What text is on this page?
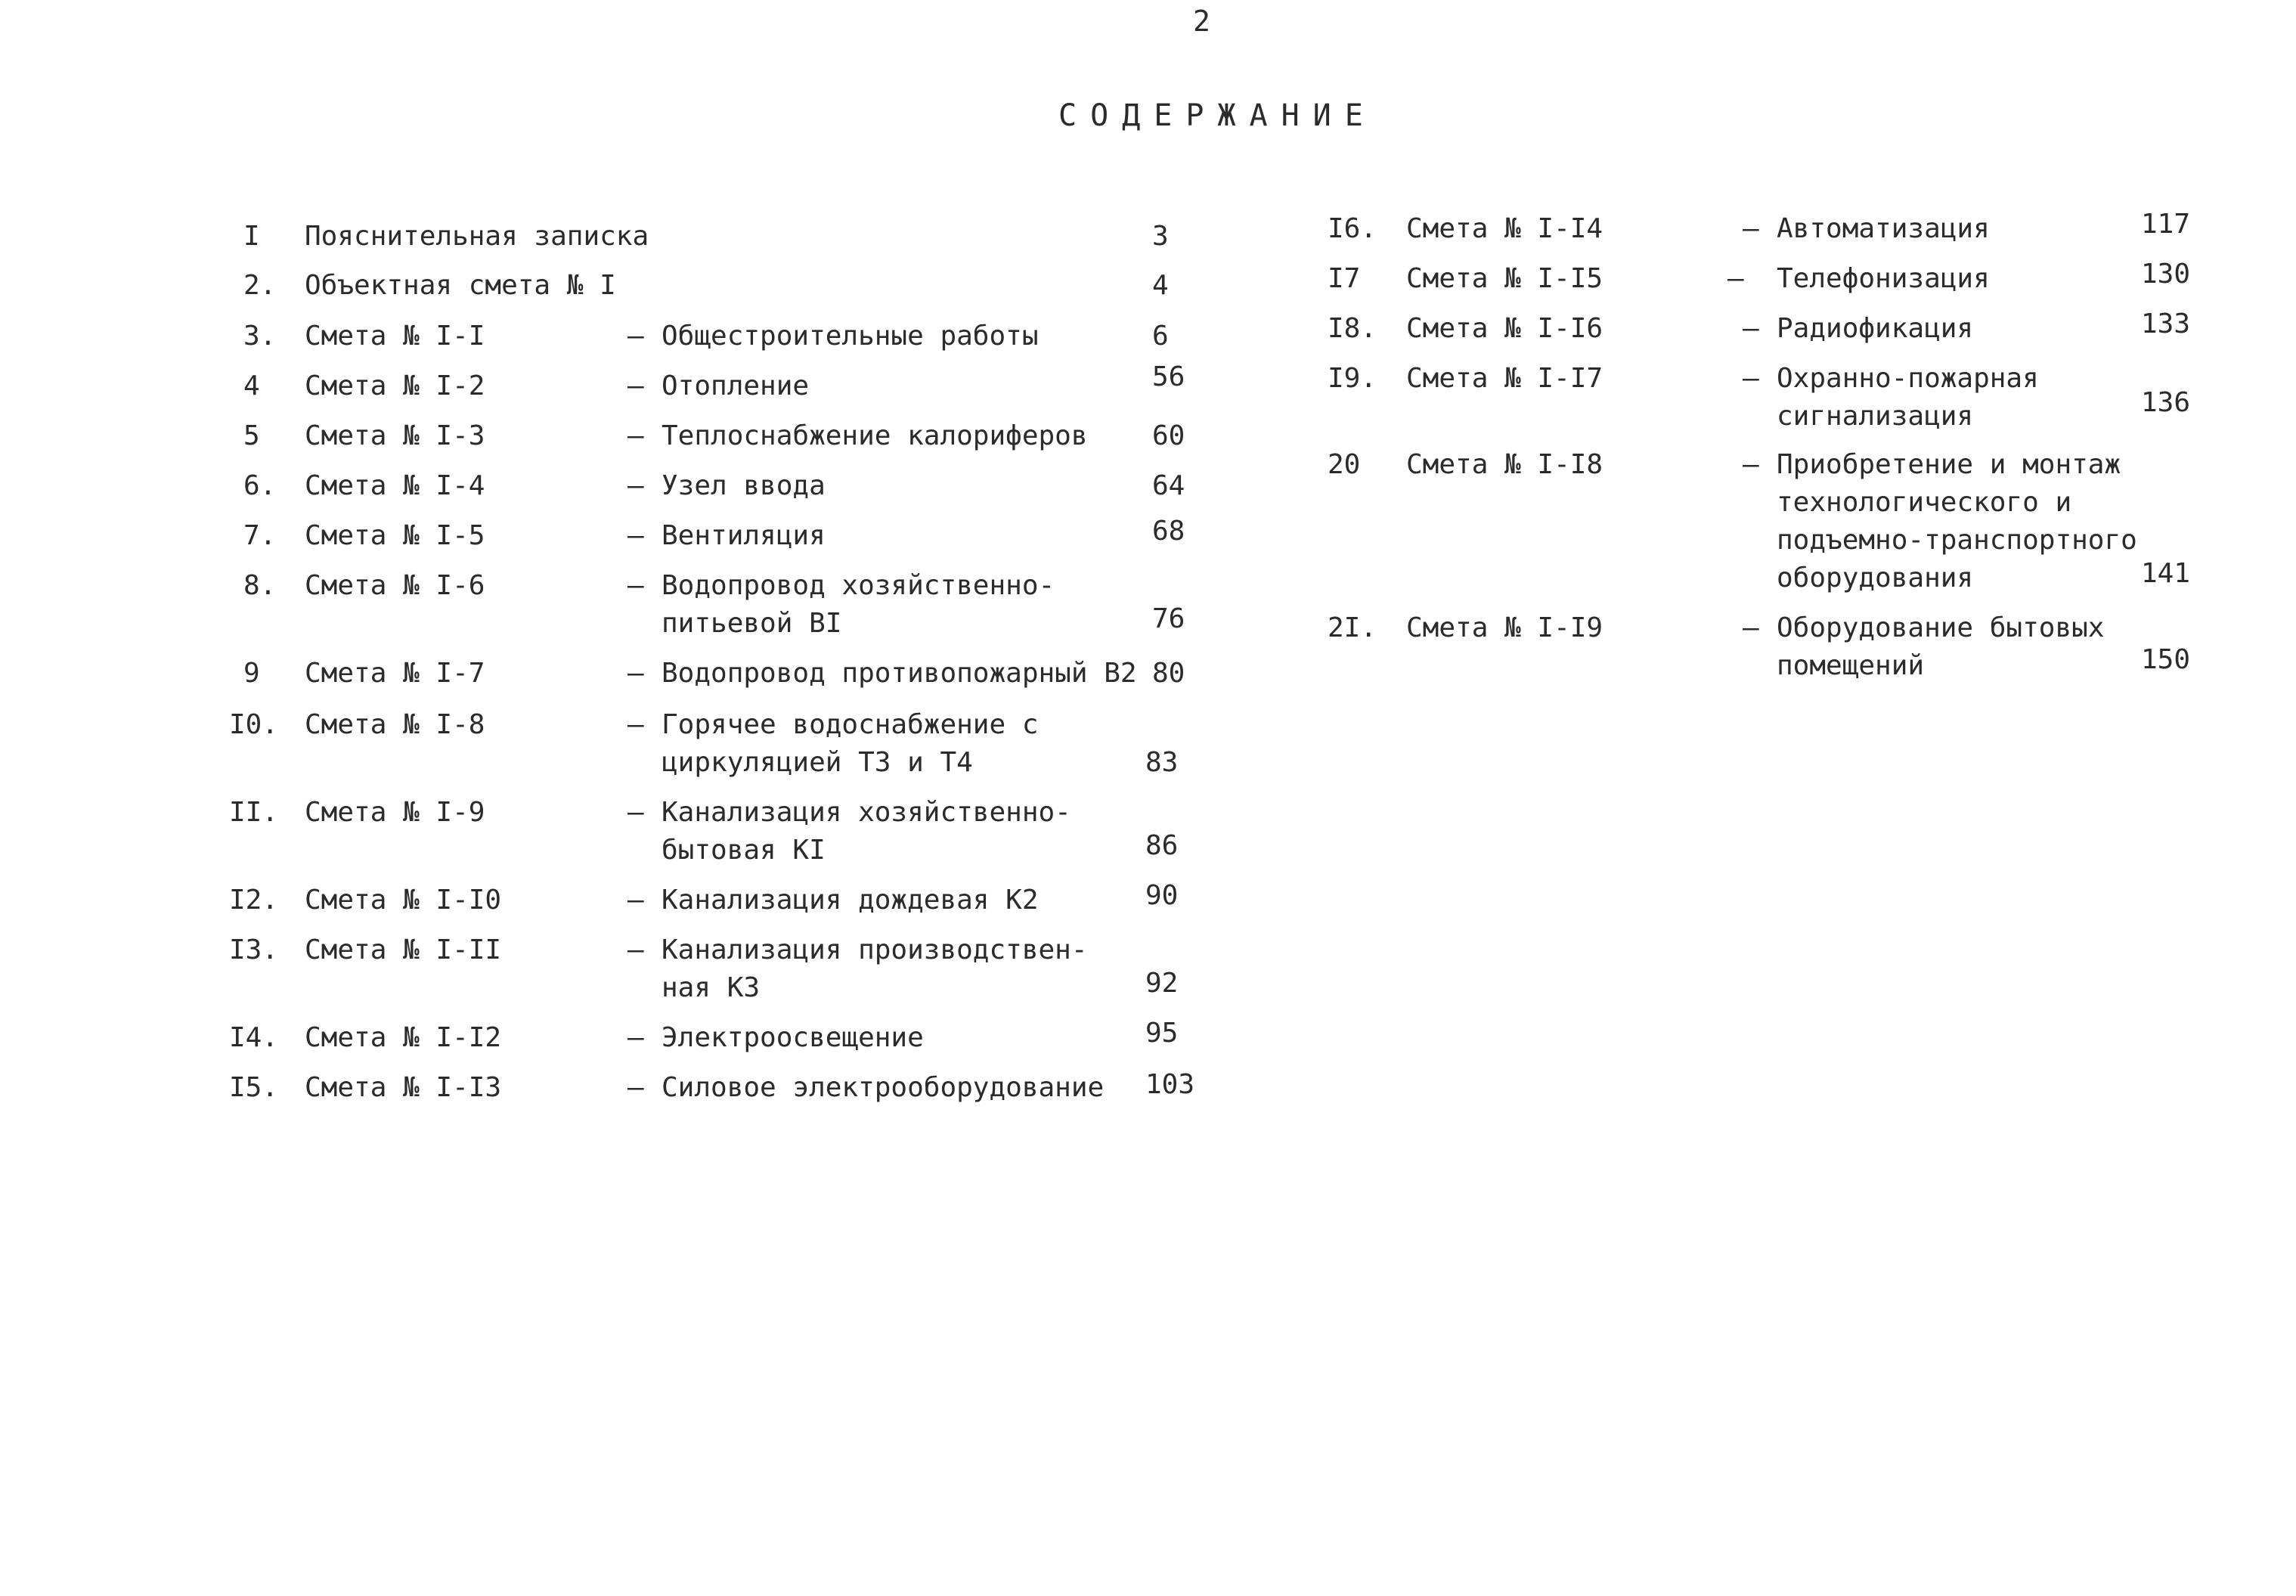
2
СОДЕРЖАНИЕ
I Пояснительная записка	3
2. Объектная смета № I	4
3. Смета № I-I	– Общестроительные работы	6
4 Смета № I-2	– Отопление	56
5 Смета № I-3	– Теплоснабжение калориферов 60
6. Смета № I-4	– Узел ввода	64
7. Смета № I-5	– Вентиляция	68
8. Смета № I-6	– Водопровод хозяйственно-
питьевой BI	76
9 Смета № I-7	– Водопровод противопожарный B2 80
I0. Смета № I-8	– Горячее водоснабжение с
циркуляцией Т3 и Т4	83
II. Смета № I-9	– Канализация хозяйственно-
бытовая КI	86
I2. Смета № I-I0	– Канализация дождевая К2	90
I3. Смета № I-II	– Канализация производствен-
ная К3	92
I4. Смета № I-I2	– Электроосвещение	95
I5. Смета № I-I3	– Силовое электрооборудование 103
I6. Смета № I-I4	– Автоматизация	117
I7 Смета № I-I5	– Телефонизация	130
I8. Смета № I-I6	– Радиофикация	133
I9. Смета № I-I7	– Охранно-пожарная
сигнализация	136
20 Смета № I-I8	– Приобретение и монтаж
технологического и
подъемно-транспортного
оборудования	141
2I. Смета № I-I9	– Оборудование бытовых
помещений	150
